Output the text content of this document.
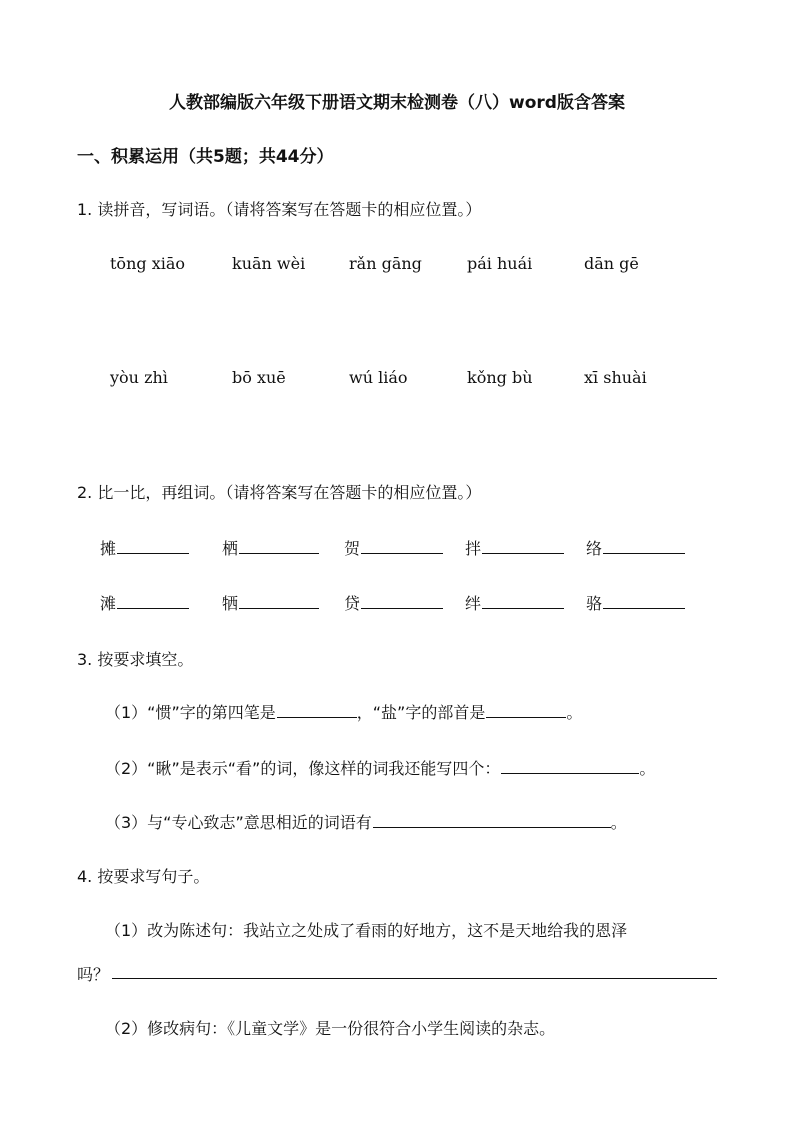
人教部编版六年级下册语文期末检测卷（八）word版含答案
一、积累运用（共5题；共44分）
1. 读拼音，写词语。（请将答案写在答题卡的相应位置。）
tōng xiāo	kuān wèi	rǎn gāng	pái huái	dān gē
yòu zhì	bō xuē	wú liáo	kǒng bù	xī shuài
2. 比一比，再组词。（请将答案写在答题卡的相应位置。）
摊	栖	贺	拌	络
滩	牺	贷	绊	骆
3. 按要求填空。
（1）“惯”字的第四笔是	，“盐”字的部首是	。
（2）“瞅”是表示“看”的词，像这样的词我还能写四个：	。
（3）与“专心致志”意思相近的词语有	。
4. 按要求写句子。
（1）改为陈述句：我站立之处成了看雨的好地方，这不是天地给我的恩泽
吗？
（2）修改病句：《儿童文学》是一份很符合小学生阅读的杂志。
